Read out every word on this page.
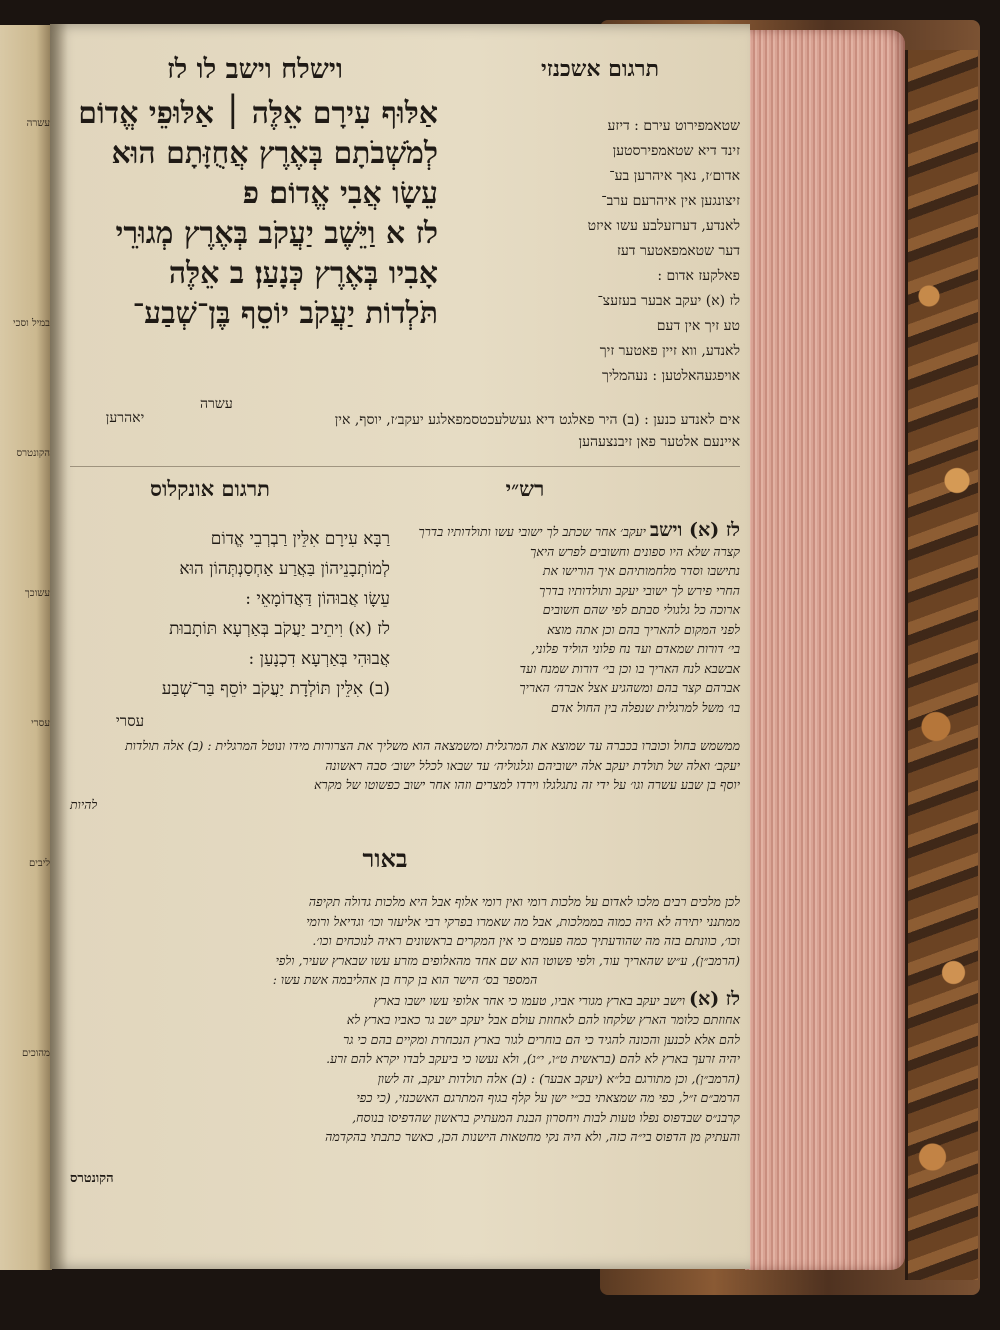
עשרה
עסרי
במיל וסכי
הקונטרס
עשוכך
ליבים
מהוכים
וישלח וישב לו לז	תרגום אשכנזי
אַלּוּף עִירָם אֵלֶּה ׀ אַלּוּפֵי אֱדוֹם
לְמֹשְׁבֹתָם בְּאֶרֶץ אֲחֻזָּתָם הוּא
עֵשָׂו אֲבִי אֱדוֹם׃ פ
לז א וַיֵּשֶׁב יַעֲקֹב בְּאֶרֶץ מְגוּרֵי
אָבִיו בְּאֶרֶץ כְּנָעַן׃ ב אֵלֶּה
תֹּלְדוֹת יַעֲקֹב יוֹסֵף בֶּן־שְׁבַע־
עשרה
שטאמפירוט עירם : דיזע
זינד דיא שטאמפירסטען
אדום׳ז, נאך איהרען בע־
זיצונגען אין איהרעם ערב־
לאנדע, דערזעלבע עשו איזט
דער שטאמפאטער דעז
פאלקעז אדום :
לז (א) יעקב אבער בעזעצ־
טע זיך אין דעם
לאנדע, ווא זיין פאטער זיך
אויפגעהאלטען : נעהמליך
אים לאנדע כנען : (ב) היר פאלגט דיא געשלעכטסמפאלגע יעקב׳ז, יוסף, אין
איינעם אלטער פאן זיבנצעהען
יאהרען
רש״י
תרגום אונקלוס
רַבָּא עִירָם אִלֵּין רַבְרְבֵי אֱדוֹם
לְמוֹתְבָנֵיהוֹן בַּאֲרַע אַחְסַנְתְּהוֹן הוּא
עֵשָׂו אֲבוּהוֹן דַּאֲדוֹמָאֵי :
לז (א) וִיתֵיב יַעֲקֹב בְּאַרְעָא תּוֹתָבוּת
אֲבוּהִי בְּאַרְעָא דִכְנָעַן :
(ב) אִלֵּין תּוֹלְדָת יַעֲקֹב יוֹסֵף בַּר־שְׁבַע
עסרי
לז (א) וישב יעקב׳ אחר שכתב לך ישובי עשו ותולדותיו בדרך
קצרה שלא היו ספונים וחשובים לפרש היאך
נתישבו וסדר מלחמותיהם איך הורישו את
החרי פירש לך ישובי יעקב ותולדותיו בדרך
ארוכה כל גלגולי סבתם לפי שהם חשובים
לפני המקום להאריך בהם וכן אתה מוצא
בי׳ דורות שמאדם ועד נח פלוני הוליד פלוני,
אבשבא לנח האריך בו וכן בי׳ דורות שמנח ועד
אברהם קצר בהם ומשהגיע אצל אברה׳ האריך
בו׳ משל למרגלית שנפלה בין החול אדם
ממשמש בחול וכוברו בכברה עד שמוצא את המרגלית ומשמצאה הוא משליך את הצרורות מידו ונוטל המרגלית : (ב) אלה תולדות
יעקב׳ ואלה של תולדת יעקב אלה ישוביהם וגלגוליה׳ עד שבאו לכלל ישוב׳ סבה ראשונה
יוסף בן שבע עשרה וגו׳ על ידי זה נתגלגלו וירדו למצרים וזהו אחר ישוב כפשוטו של מקרא
להיות
באור
לכן מלכים רבים מלכו לאדום על מלכות רומי ואין רומי אלוף אבל היא מלכות גדולה תקיפה
ממתנני יתירה לא היה כמוה בממלכות, אבל מה שאמרו בפרקי רבי אליעזר וכו׳ וגדיאל ורומי
וכו׳, כוונתם בזה מה שהודעתיך כמה פעמים כי אין המקרים בראשונים ראיה לנוכחים וכו׳.
(הרמב״ן), ע״ש שהאריך עוד, ולפי פשוטו הוא שם אחד מהאלופים מזרע עשו שבארץ שעיר, ולפי
המספר בס׳ הישר הוא בן קרח בן אהליבמה אשת עשו :
לז (א) וישב יעקב בארץ מגורי אביו, טעמו כי אחר אלופי עשו ישבו בארץ
אחוזתם כלומר הארץ שלקחו להם לאחוזת עולם אבל יעקב ישב גר כאביו בארץ לא
להם אלא לכנען והכונה להגיד כי הם בוחרים לגור בארץ הנכחרת ומקיים בהם כי גר
יהיה זרעך בארץ לא להם (בראשית ט״ו, י״ג), ולא נעשו כי ביעקב לבדו יקרא להם זרע.
(הרמב״ן), וכן מתורגם בל״א (יעקב אבער) : (ב) אלה תולדות יעקב, זה לשון
הרמב״ם ז״ל, כפי מה שמצאתי בכ״י ישן על קלף בגוף המתרגם האשכנזי, (כי כפי
קרבנ״ס שבדפוס נפלו טעות לבות ויחסרון הבנת המעתיק בראשון שהדפיסו בנוסח,
והעתיק מן הדפוס בי״ה כזה, ולא היה נקי מחטאות הישנות הכן, כאשר כתבתי בהקדמה
הקונטרס
